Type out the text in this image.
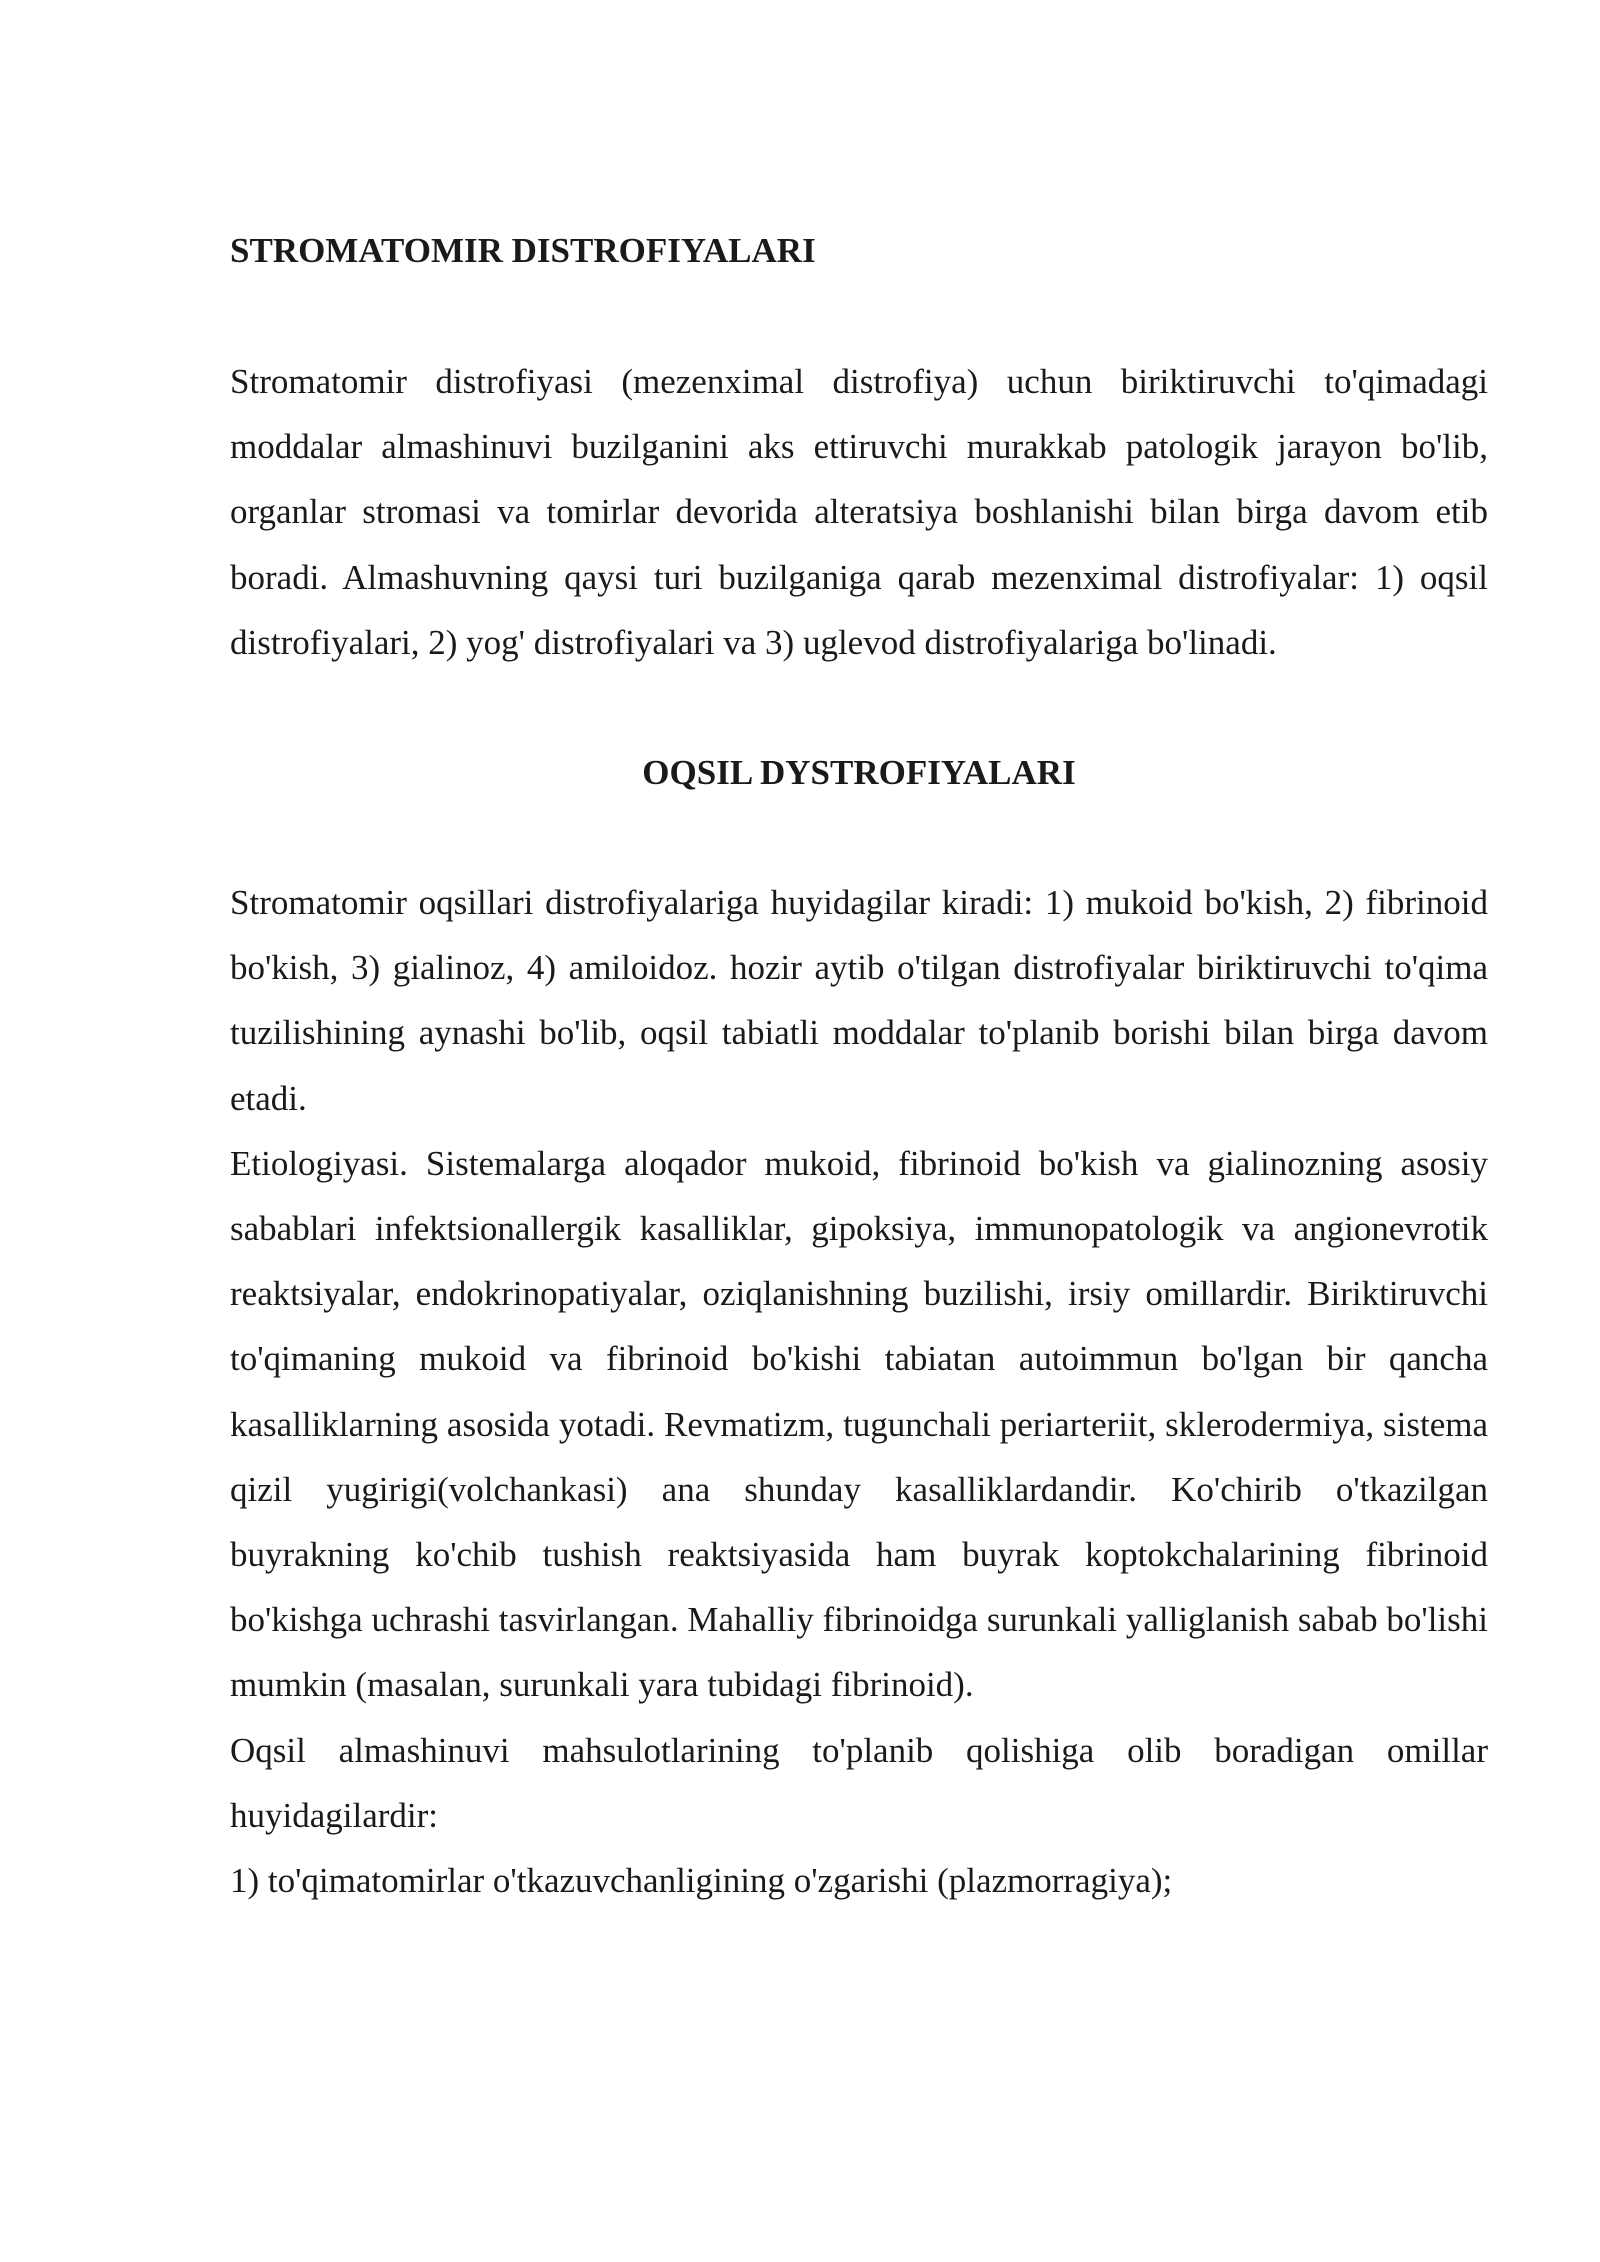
STROMATOMIR DISTROFIYALARI

Stromatomir distrofiyasi (mezenximal distrofiya) uchun biriktiruvchi to'qimadagi moddalar almashinuvi buzilganini aks ettiruvchi murakkab patologik jarayon bo'lib, organlar stromasi va tomirlar devorida alteratsiya boshlanishi bilan birga davom etib boradi. Almashuvning qaysi turi buzilganiga qarab mezenximal distrofiyalar: 1) oqsil distrofiyalari, 2) yog' distrofiyalari va 3) uglevod distrofiyalariga bo'linadi.

OQSIL DYSTROFIYALARI

Stromatomir oqsillari distrofiyalariga huyidagilar kiradi: 1) mukoid bo'kish, 2) fibrinoid bo'kish, 3) gialinoz, 4) amiloidoz. hozir aytib o'tilgan distrofiyalar biriktiruvchi to'qima tuzilishining aynashi bo'lib, oqsil tabiatli moddalar to'planib borishi bilan birga davom etadi.

Etiologiyasi. Sistemalarga aloqador mukoid, fibrinoid bo'kish va gialinozning asosiy sabablari infektsionallergik kasalliklar, gipoksiya, immunopatologik va angionevrotik reaktsiyalar, endokrinopatiyalar, oziqlanishning buzilishi, irsiy omillardir. Biriktiruvchi to'qimaning mukoid va fibrinoid bo'kishi tabiatan autoimmun bo'lgan bir qancha kasalliklarning asosida yotadi. Revmatizm, tugunchali periarteriit, sklerodermiya, sistema qizil yugirigi(volchankasi) ana shunday kasalliklardandir. Ko'chirib o'tkazilgan buyrakning ko'chib tushish reaktsiyasida ham buyrak koptokchalarining fibrinoid bo'kishga uchrashi tasvirlangan. Mahalliy fibrinoidga surunkali yalliglanish sabab bo'lishi mumkin (masalan, surunkali yara tubidagi fibrinoid).

Oqsil almashinuvi mahsulotlarining to'planib qolishiga olib boradigan omillar huyidagilardir:

1) to'qimatomirlar o'tkazuvchanligining o'zgarishi (plazmorragiya);
